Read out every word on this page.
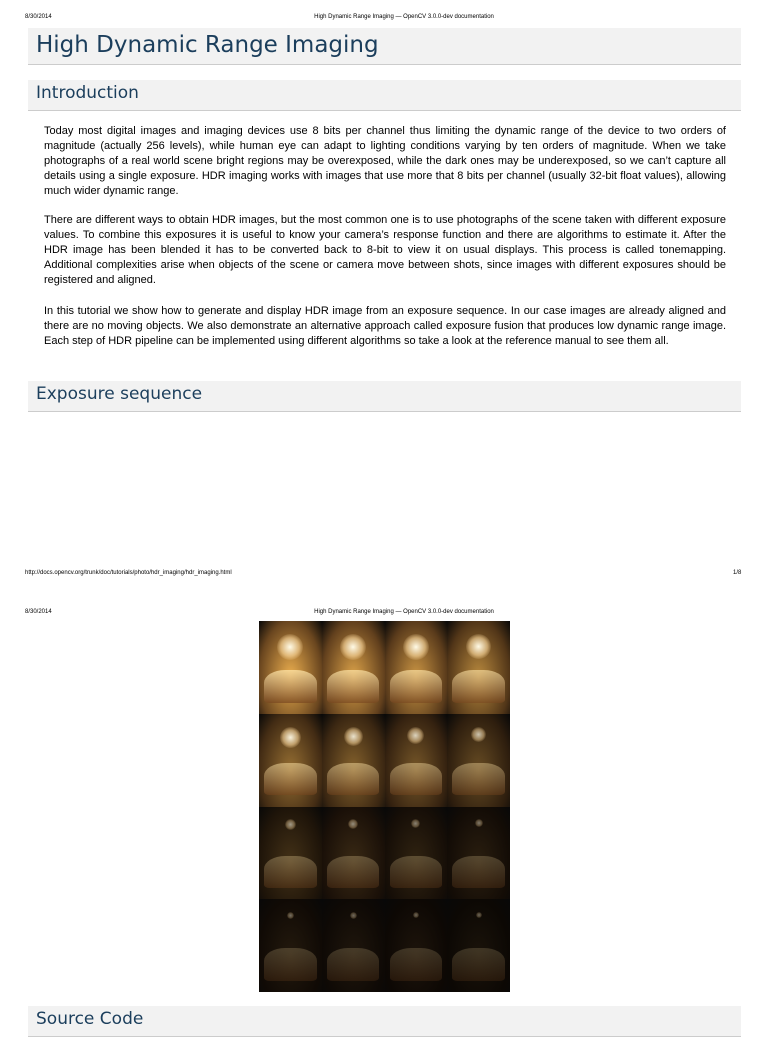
8/30/2014	High Dynamic Range Imaging — OpenCV 3.0.0-dev documentation
High Dynamic Range Imaging
Introduction

Today most digital images and imaging devices use 8 bits per channel thus limiting the dynamic range of the device to two orders of magnitude (actually 256 levels), while human eye can adapt to lighting conditions varying by ten orders of magnitude. When we take photographs of a real world scene bright regions may be overexposed, while the dark ones may be underexposed, so we can’t capture all details using a single exposure. HDR imaging works with images that use more that 8 bits per channel (usually 32-bit float values), allowing much wider dynamic range.

There are different ways to obtain HDR images, but the most common one is to use photographs of the scene taken with different exposure values. To combine this exposures it is useful to know your camera’s response function and there are algorithms to estimate it. After the HDR image has been blended it has to be converted back to 8-bit to view it on usual displays. This process is called tonemapping. Additional complexities arise when objects of the scene or camera move between shots, since images with different exposures should be registered and aligned.

In this tutorial we show how to generate and display HDR image from an exposure sequence. In our case images are already aligned and there are no moving objects. We also demonstrate an alternative approach called exposure fusion that produces low dynamic range image. Each step of HDR pipeline can be implemented using different algorithms so take a look at the reference manual to see them all.

Exposure sequence
http://docs.opencv.org/trunk/doc/tutorials/photo/hdr_imaging/hdr_imaging.html	1/8
8/30/2014	High Dynamic Range Imaging — OpenCV 3.0.0-dev documentation
Source Code
